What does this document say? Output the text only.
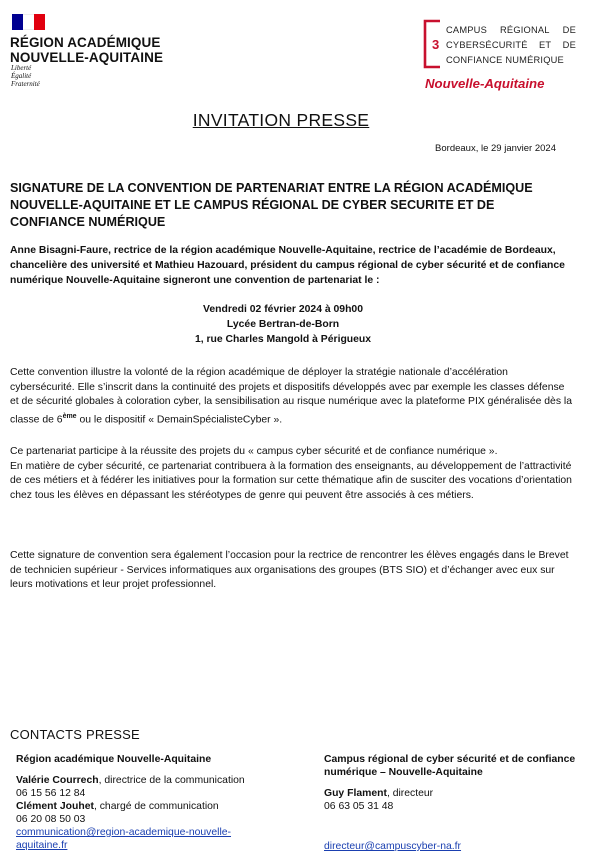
RÉGION ACADÉMIQUE
NOUVELLE-AQUITAINE
Liberté
Égalité
Fraternité
3
CAMPUS RÉGIONAL DE
CYBERSÉCURITÉ ET DE
CONFIANCE NUMÉRIQUE
Nouvelle-Aquitaine
INVITATION PRESSE
Bordeaux, le 29 janvier 2024
SIGNATURE DE LA CONVENTION DE PARTENARIAT ENTRE LA RÉGION ACADÉMIQUE NOUVELLE-AQUITAINE ET LE CAMPUS RÉGIONAL DE CYBER SECURITE ET DE CONFIANCE NUMÉRIQUE
Anne Bisagni-Faure, rectrice de la région académique Nouvelle-Aquitaine, rectrice de l’académie de Bordeaux, chancelière des université et Mathieu Hazouard, président du campus régional de cyber sécurité et de confiance numérique Nouvelle-Aquitaine signeront une convention de partenariat le :
Vendredi 02 février 2024 à 09h00
Lycée Bertran-de-Born
1, rue Charles Mangold à Périgueux
Cette convention illustre la volonté de la région académique de déployer la stratégie nationale d’accélération cybersécurité. Elle s’inscrit dans la continuité des projets et dispositifs développés avec par exemple les classes défense et de sécurité globales à coloration cyber, la sensibilisation au risque numérique avec la plateforme PIX généralisée dès la classe de 6ème ou le dispositif « DemainSpécialisteCyber ».
Ce partenariat participe à la réussite des projets du « campus cyber sécurité et de confiance numérique ».
En matière de cyber sécurité, ce partenariat contribuera à la formation des enseignants, au développement de l’attractivité de ces métiers et à fédérer les initiatives pour la formation sur cette thématique afin de susciter des vocations d’orientation chez tous les élèves en dépassant les stéréotypes de genre qui peuvent être associés à ces métiers.
Cette signature de convention sera également l’occasion pour la rectrice de rencontrer les élèves engagés dans le Brevet de technicien supérieur - Services informatiques aux organisations des groupes (BTS SIO) et d’échanger avec eux sur leurs motivations et leur projet professionnel.
CONTACTS PRESSE
Région académique Nouvelle-Aquitaine
Valérie Courrech, directrice de la communication
06 15 56 12 84
Clément Jouhet, chargé de communication
06 20 08 50 03
communication@region-academique-nouvelle-aquitaine.fr
Campus régional de cyber sécurité et de confiance numérique – Nouvelle-Aquitaine
Guy Flament, directeur
06 63 05 31 48
directeur@campuscyber-na.fr
